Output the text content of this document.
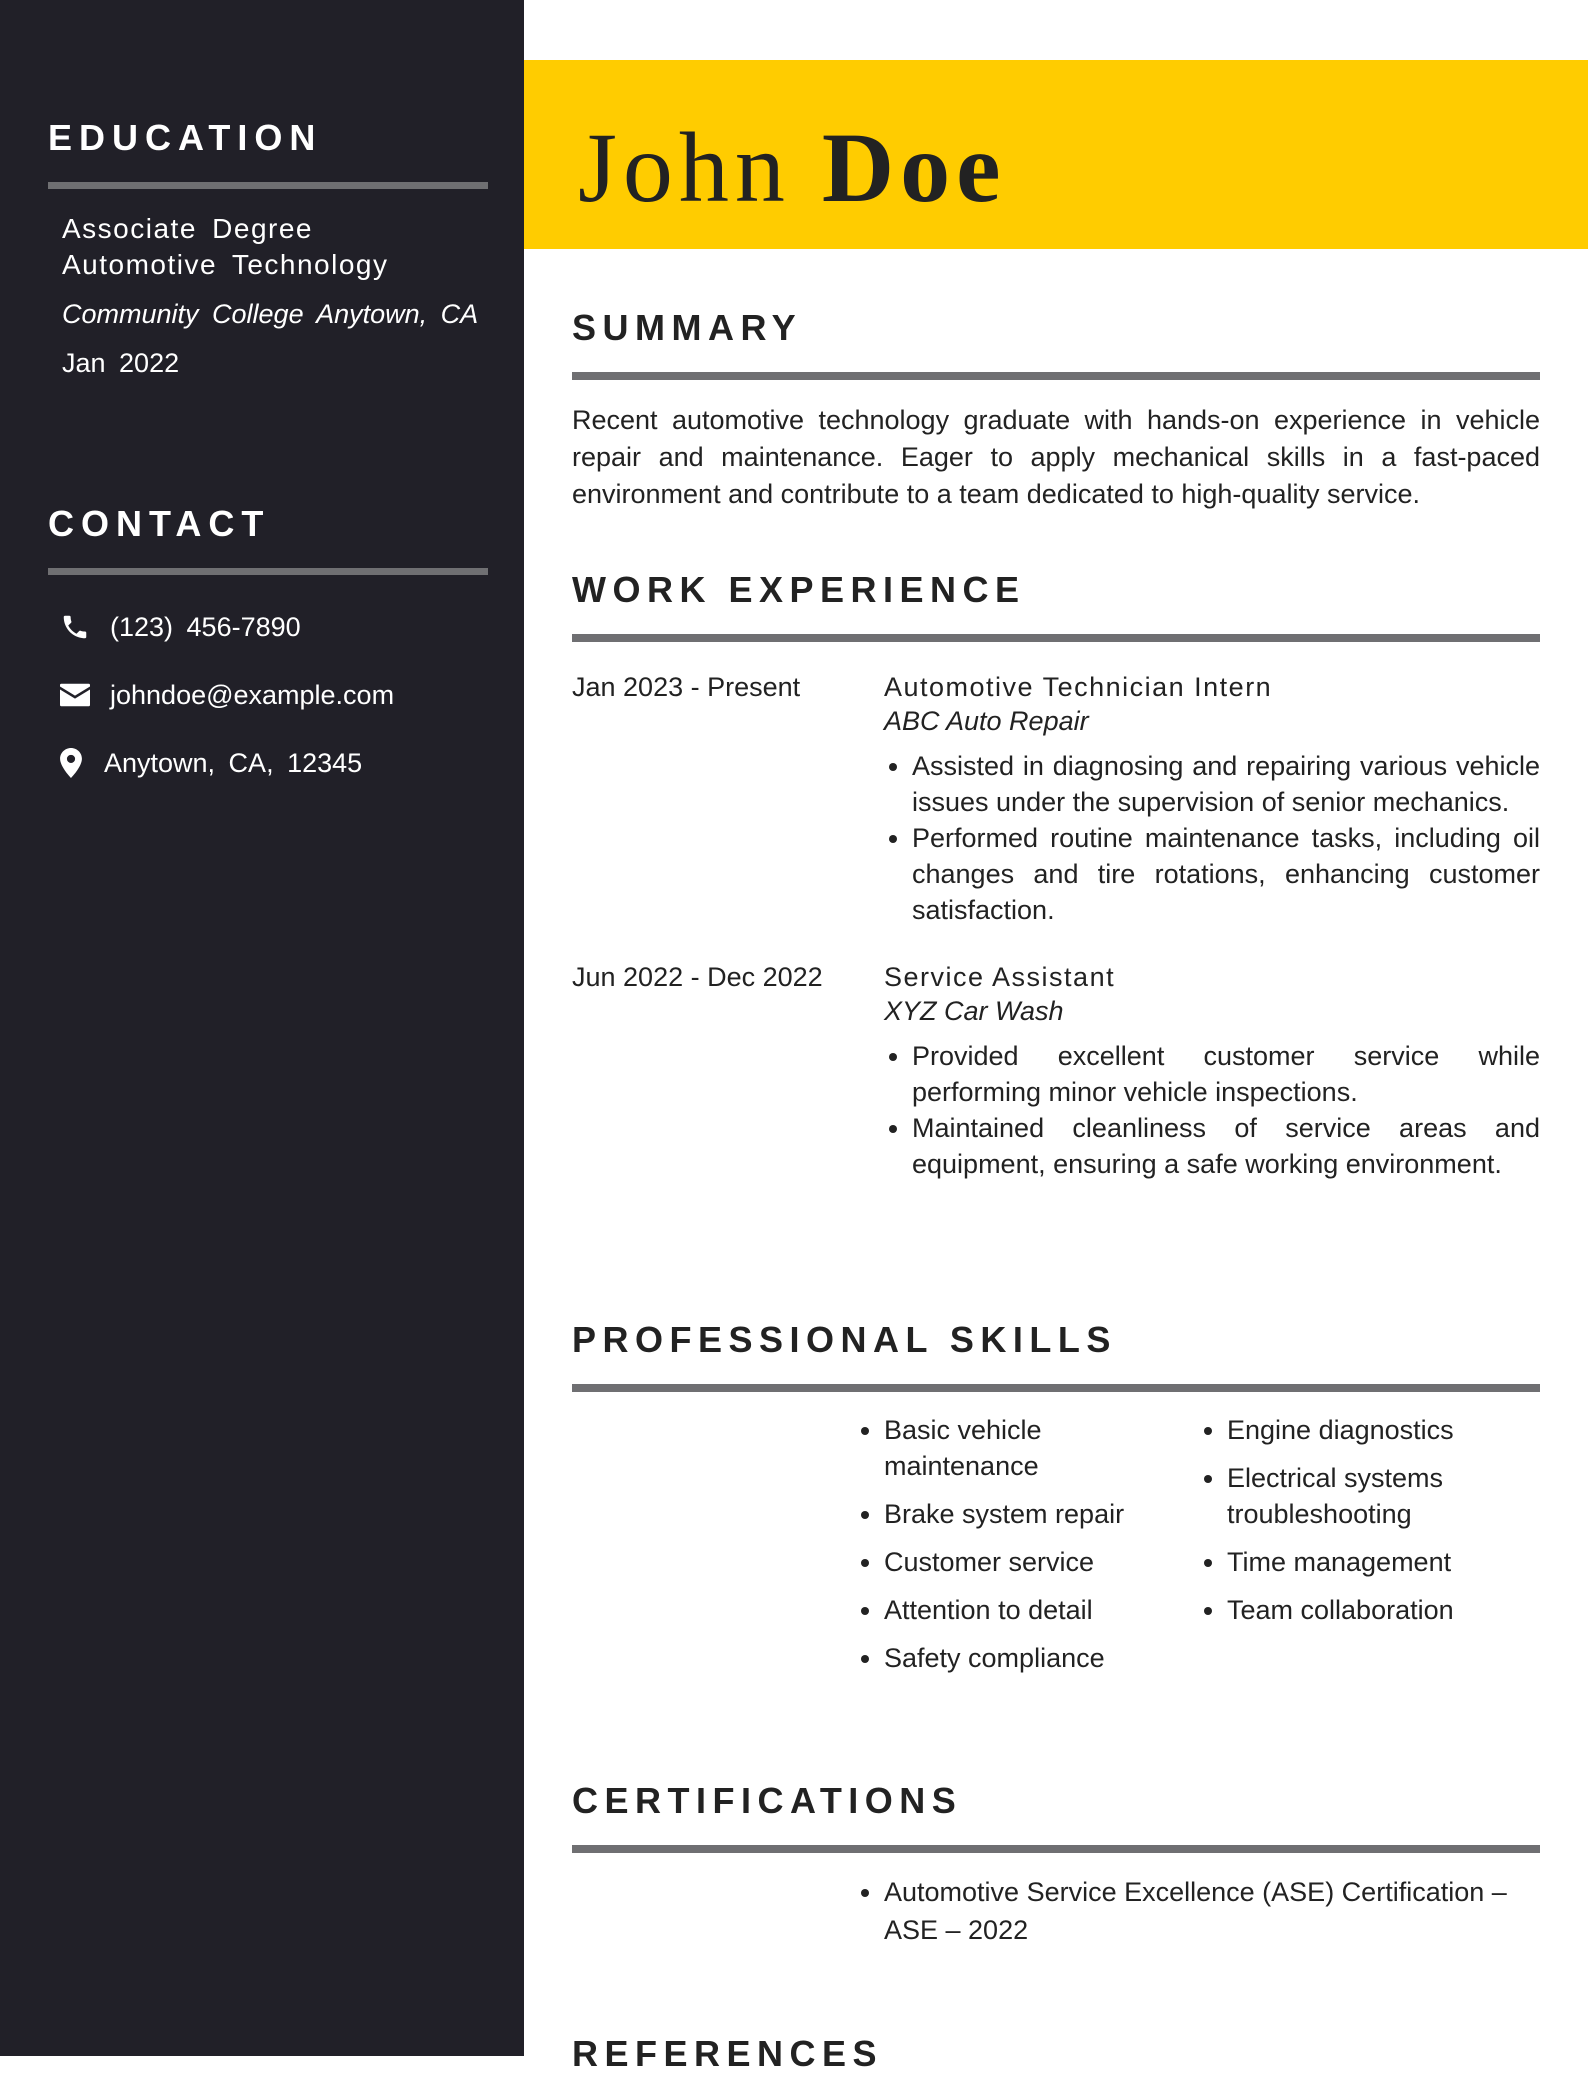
EDUCATION
Associate Degree
Automotive Technology
Community College Anytown, CA
Jan 2022
CONTACT
(123) 456-7890
johndoe@example.com
Anytown, CA, 12345
John Doe
SUMMARY

Recent automotive technology graduate with hands-on experience in vehicle repair and maintenance. Eager to apply mechanical skills in a fast-paced environment and contribute to a team dedicated to high-quality service.

WORK EXPERIENCE
Jan 2023 - Present	Automotive Technician Intern
ABC Auto Repair
• Assisted in diagnosing and repairing various vehicle issues under the supervision of senior mechanics.
• Performed routine maintenance tasks, including oil changes and tire rotations, enhancing customer satisfaction.
Jun 2022 - Dec 2022 Service Assistant
XYZ Car Wash
• Provided excellent customer service while performing minor vehicle inspections.
• Maintained cleanliness of service areas and equipment, ensuring a safe working environment.
PROFESSIONAL SKILLS
• Basic vehicle maintenance
• Brake system repair
• Customer service
• Attention to detail
• Safety compliance
• Engine diagnostics
• Electrical systems troubleshooting
• Time management
• Team collaboration
CERTIFICATIONS
• Automotive Service Excellence (ASE) Certification – ASE – 2022
REFERENCES
